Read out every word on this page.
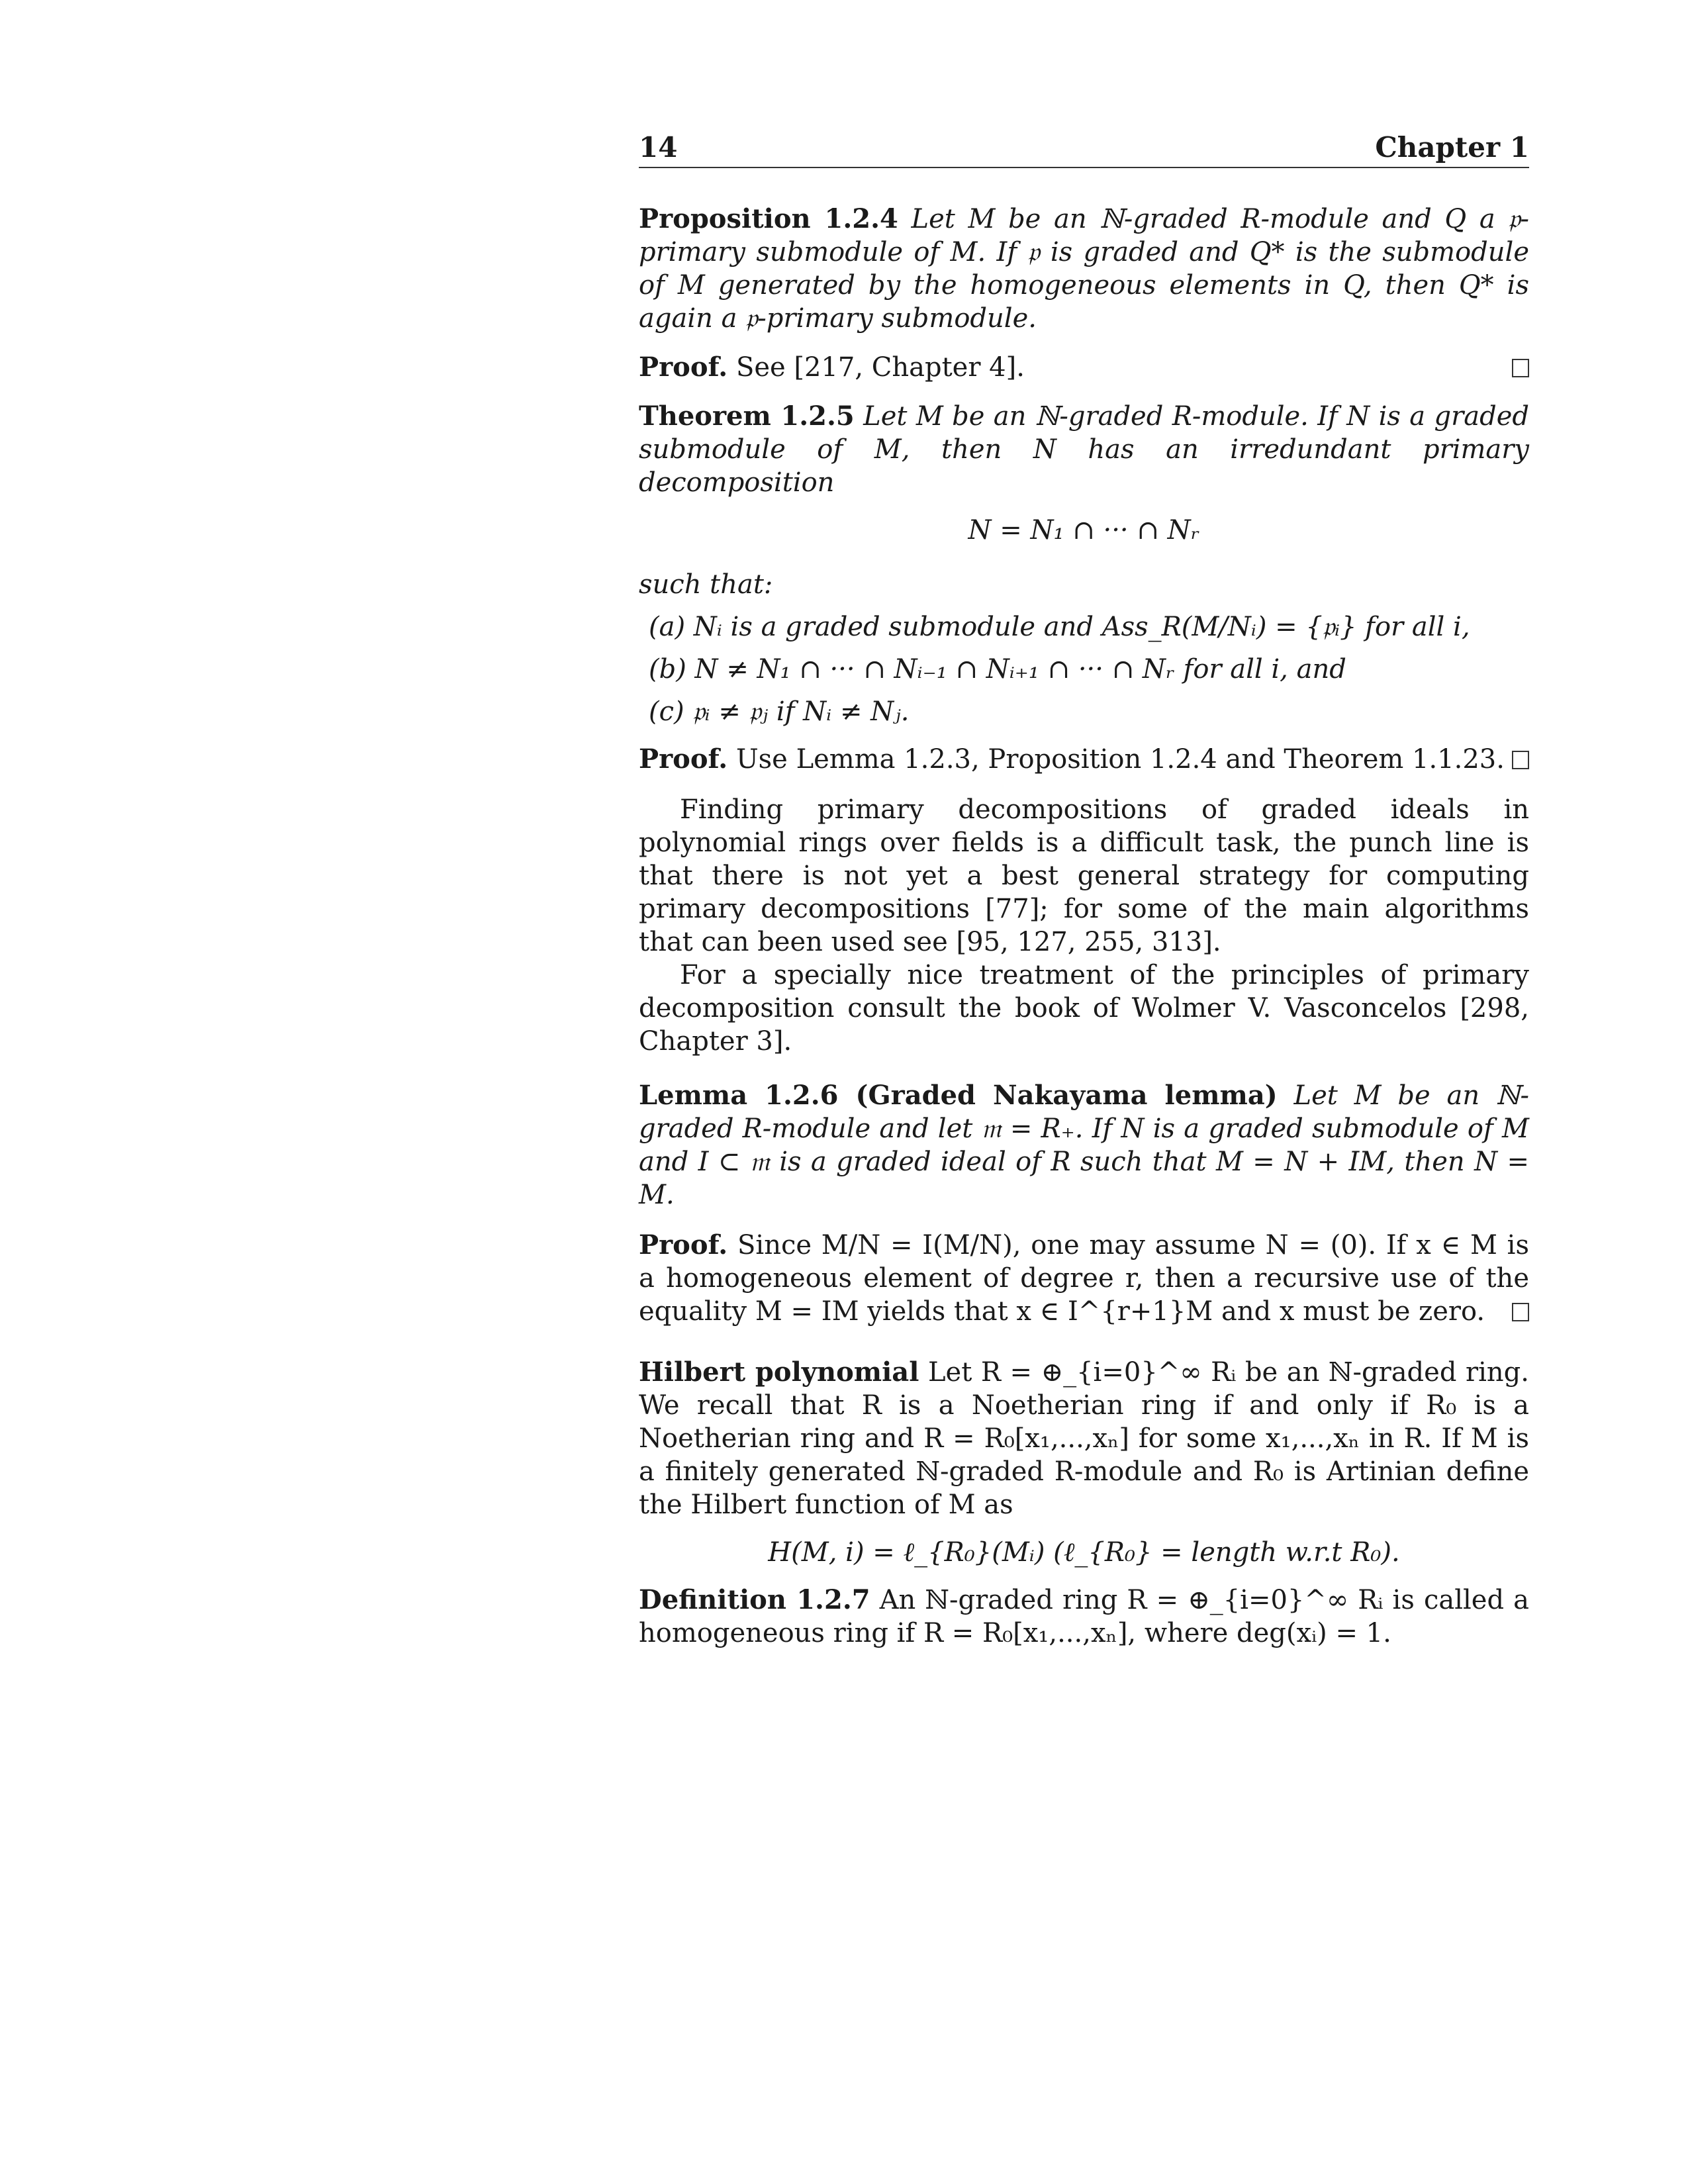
14	Chapter 1
Proposition 1.2.4 Let M be an ℕ-graded R-module and Q a 𝔭-primary submodule of M. If 𝔭 is graded and Q* is the submodule of M generated by the homogeneous elements in Q, then Q* is again a 𝔭-primary submodule.
Proof. See [217, Chapter 4].
Theorem 1.2.5 Let M be an ℕ-graded R-module. If N is a graded submodule of M, then N has an irredundant primary decomposition
N = N₁ ∩ ··· ∩ Nᵣ
such that:
(a) Nᵢ is a graded submodule and Ass_R(M/Nᵢ) = {𝔭ᵢ} for all i,
(b) N ≠ N₁ ∩ ··· ∩ Nᵢ₋₁ ∩ Nᵢ₊₁ ∩ ··· ∩ Nᵣ for all i, and
(c) 𝔭ᵢ ≠ 𝔭ⱼ if Nᵢ ≠ Nⱼ.
Proof. Use Lemma 1.2.3, Proposition 1.2.4 and Theorem 1.1.23.
Finding primary decompositions of graded ideals in polynomial rings over fields is a difficult task, the punch line is that there is not yet a best general strategy for computing primary decompositions [77]; for some of the main algorithms that can been used see [95, 127, 255, 313].
For a specially nice treatment of the principles of primary decomposition consult the book of Wolmer V. Vasconcelos [298, Chapter 3].
Lemma 1.2.6 (Graded Nakayama lemma) Let M be an ℕ-graded R-module and let 𝔪 = R₊. If N is a graded submodule of M and I ⊂ 𝔪 is a graded ideal of R such that M = N + IM, then N = M.
Proof. Since M/N = I(M/N), one may assume N = (0). If x ∈ M is a homogeneous element of degree r, then a recursive use of the equality M = IM yields that x ∈ I^{r+1}M and x must be zero.
Hilbert polynomial Let R = ⊕_{i=0}^∞ Rᵢ be an ℕ-graded ring. We recall that R is a Noetherian ring if and only if R₀ is a Noetherian ring and R = R₀[x₁,...,xₙ] for some x₁,...,xₙ in R. If M is a finitely generated ℕ-graded R-module and R₀ is Artinian define the Hilbert function of M as
H(M, i) = ℓ_{R₀}(Mᵢ) (ℓ_{R₀} = length w.r.t R₀).
Definition 1.2.7 An ℕ-graded ring R = ⊕_{i=0}^∞ Rᵢ is called a homogeneous ring if R = R₀[x₁,...,xₙ], where deg(xᵢ) = 1.
